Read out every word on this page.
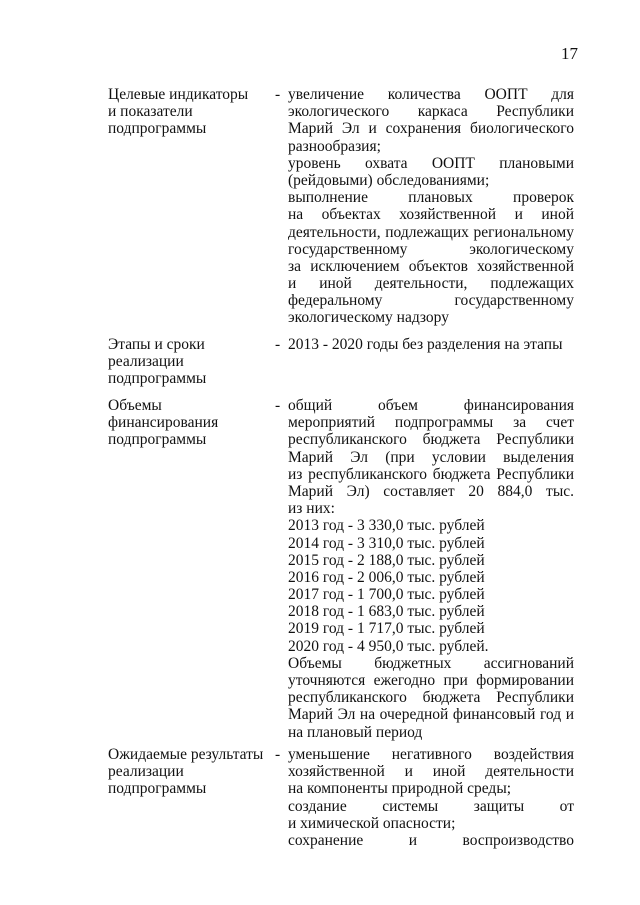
17
Целевые индикаторы
и показатели
подпрограммы
- увеличение количества ООПТ для
экологического каркаса Республики
Марий Эл и сохранения биологического
разнообразия;
уровень охвата ООПТ плановыми
(рейдовыми) обследованиями;
выполнение плановых проверок
на объектах хозяйственной и иной
деятельности, подлежащих региональному
государственному экологическому
за исключением объектов хозяйственной
и иной деятельности, подлежащих
федеральному государственному
экологическому надзору
Этапы и сроки
реализации
подпрограммы
- 2013 - 2020 годы без разделения на этапы
Объемы
финансирования
подпрограммы
- общий объем финансирования
мероприятий подпрограммы за счет
республиканского бюджета Республики
Марий Эл (при условии выделения
из республиканского бюджета Республики
Марий Эл) составляет 20 884,0 тыс.
из них:
2013 год - 3 330,0 тыс. рублей
2014 год - 3 310,0 тыс. рублей
2015 год - 2 188,0 тыс. рублей
2016 год - 2 006,0 тыс. рублей
2017 год - 1 700,0 тыс. рублей
2018 год - 1 683,0 тыс. рублей
2019 год - 1 717,0 тыс. рублей
2020 год - 4 950,0 тыс. рублей.
Объемы бюджетных ассигнований
уточняются ежегодно при формировании
республиканского бюджета Республики
Марий Эл на очередной финансовый год и
на плановый период
Ожидаемые результаты
реализации
подпрограммы
- уменьшение негативного воздействия
хозяйственной и иной деятельности
на компоненты природной среды;
создание системы защиты от
и химической опасности;
сохранение и воспроизводство
